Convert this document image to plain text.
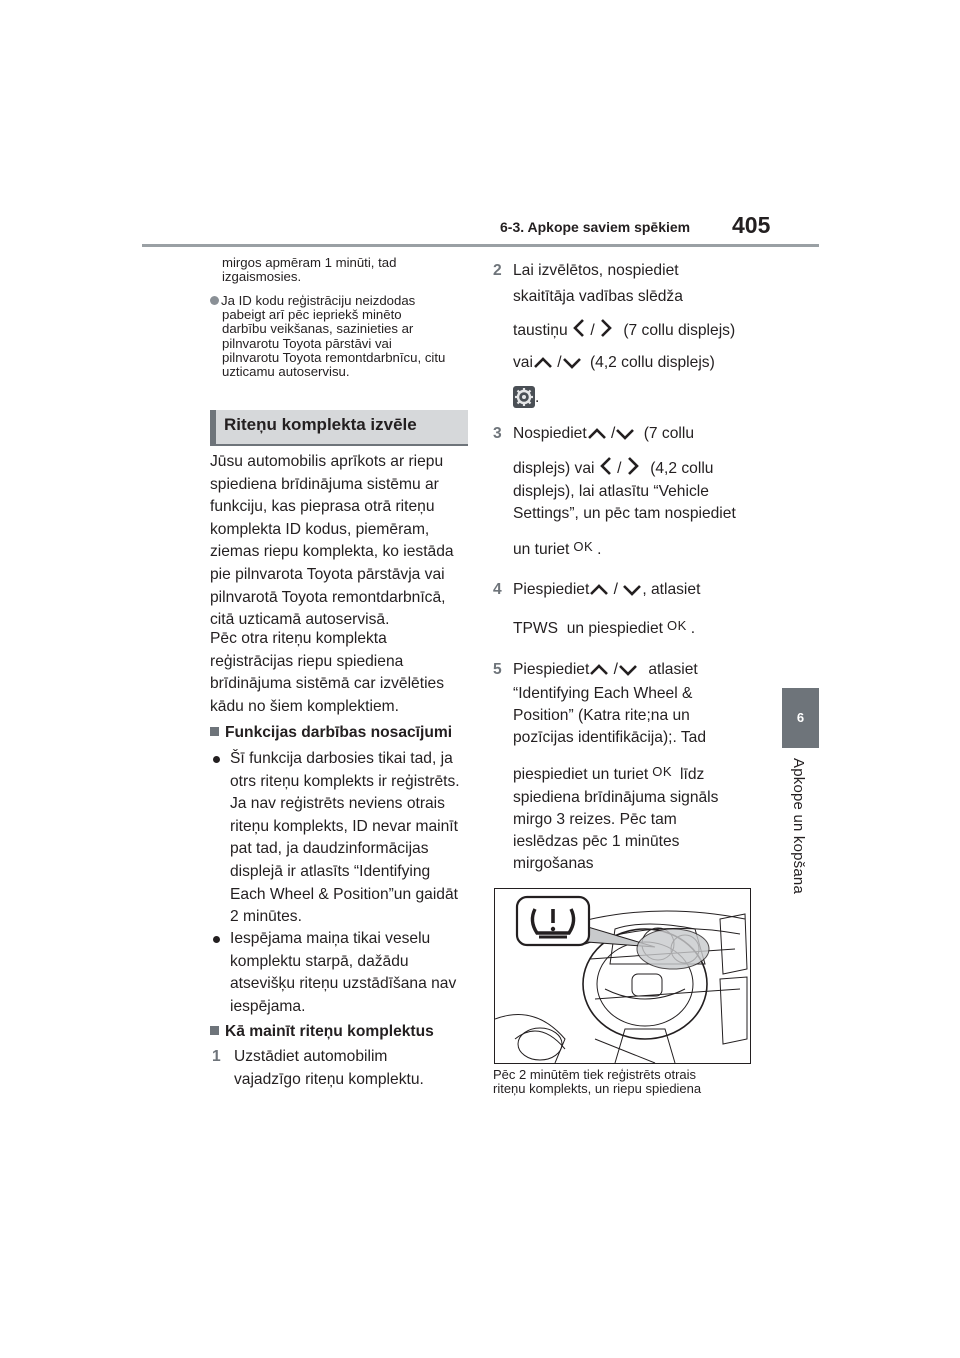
6-3. Apkope saviem spēkiem 405
6
Apkope un kopšana
mirgos apmēram 1 minūti, tad
izgaismosies.
Ja ID kodu reģistrāciju neizdodas
pabeigt arī pēc iepriekš minēto
darbību veikšanas, sazinieties ar
pilnvarotu Toyota pārstāvi vai
pilnvarotu Toyota remontdarbnīcu, citu
uzticamu autoservisu.
Riteņu komplekta izvēle
Jūsu automobilis aprīkots ar riepu
spiediena brīdinājuma sistēmu ar
funkciju, kas pieprasa otrā riteņu
komplekta ID kodus, piemēram,
ziemas riepu komplekta, ko iestāda
pie pilnvarota Toyota pārstāvja vai
pilnvarotā Toyota remontdarbnīcā,
citā uzticamā autoservisā.
Pēc otra riteņu komplekta
reģistrācijas riepu spiediena
brīdinājuma sistēmā car izvēlēties
kādu no šiem komplektiem.
Funkcijas darbības nosacījumi
Šī funkcija darbosies tikai tad, ja
otrs riteņu komplekts ir reģistrēts.
Ja nav reģistrēts neviens otrais
riteņu komplekts, ID nevar mainīt
pat tad, ja daudzinformācijas
displejā ir atlasīts “Identifying
Each Wheel & Position”un gaidāt
2 minūtes.
Iespējama maiņa tikai veselu
komplektu starpā, dažādu
atsevišķu riteņu uzstādīšana nav
iespējama.
Kā mainīt riteņu komplektus
1 Uzstādiet automobilim
vajadzīgo riteņu komplektu.
2 Lai izvēlētos, nospiediet
skaitītāja vadības slēdža
taustiņu / (7 collu displejs)
vai / (4,2 collu displejs)
.
3 Nospiediet / (7 collu
displejs) vai / (4,2 collu
displejs), lai atlasītu “Vehicle
Settings”, un pēc tam nospiediet
un turiet OK .
4 Piespiediet / , atlasiet
TPWS  un piespiediet OK .
5 Piespiediet / atlasiet
“Identifying Each Wheel &
Position” (Katra rite;na un
pozīcijas identifikācija);. Tad
piespiediet un turiet OK līdz
spiediena brīdinājuma signāls
mirgo 3 reizes. Pēc tam
ieslēdzas pēc 1 minūtes
mirgošanas
Pēc 2 minūtēm tiek reģistrēts otrais
riteņu komplekts, un riepu spiediena
